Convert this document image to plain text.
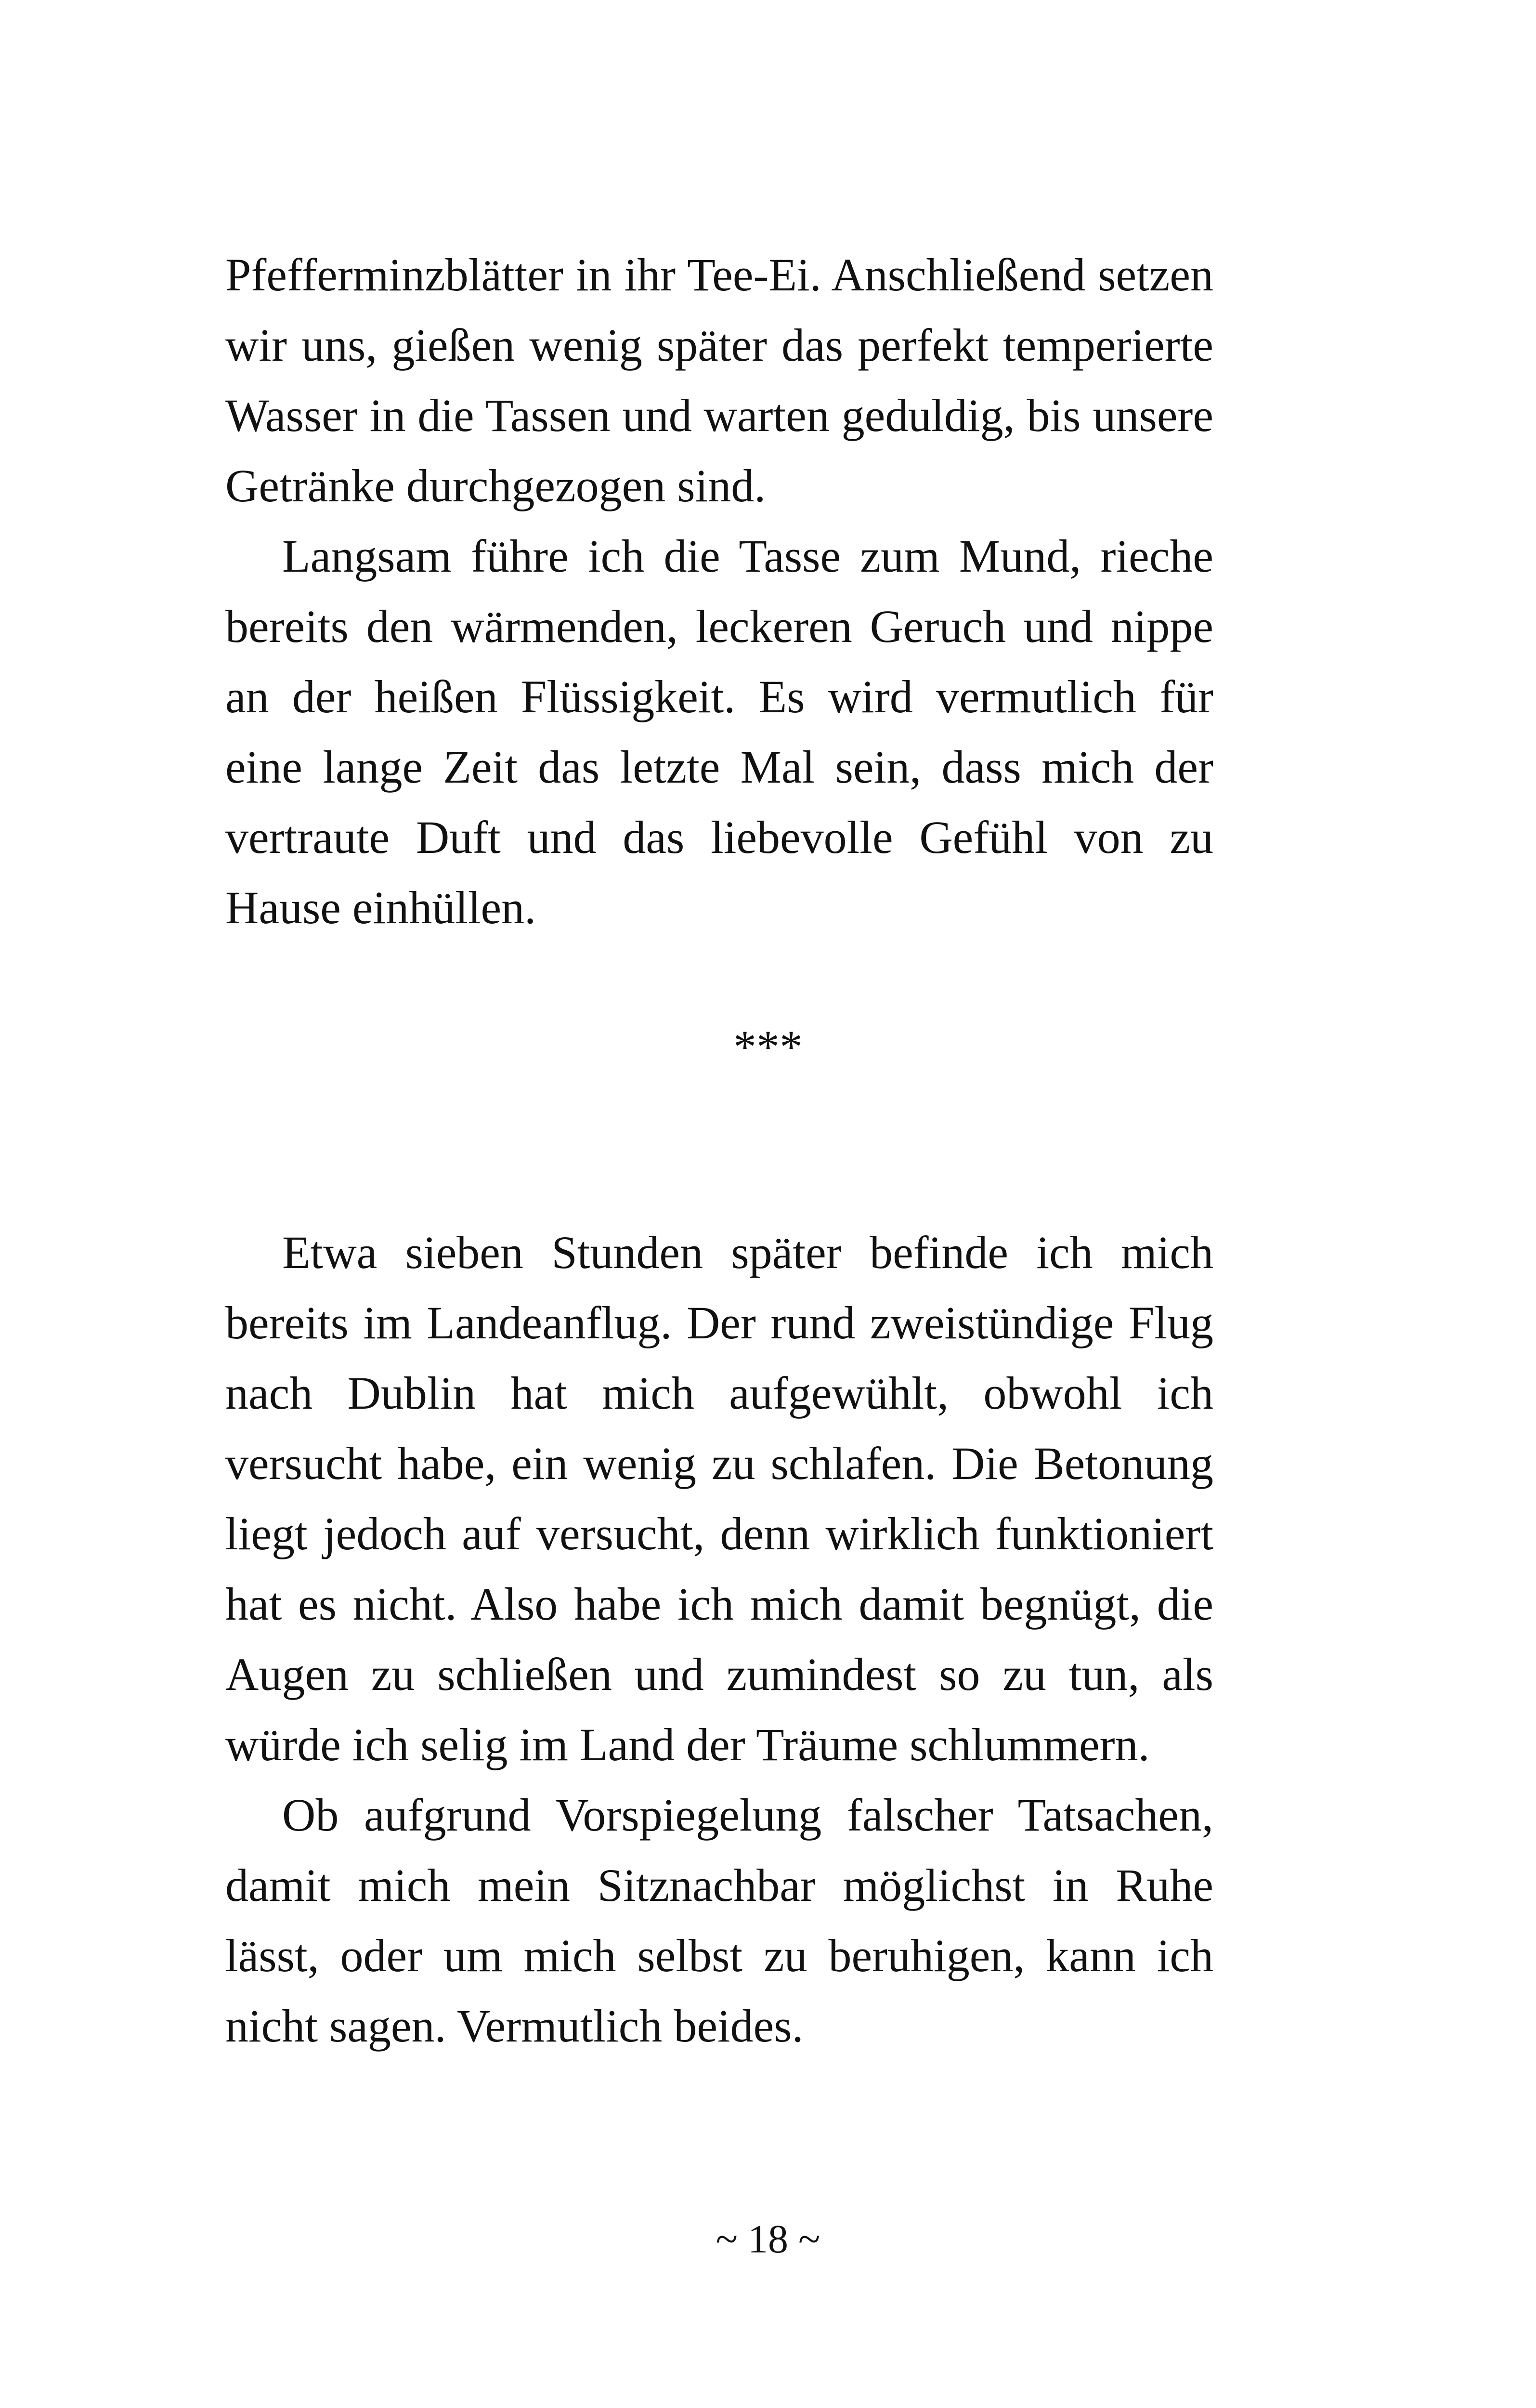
Pfefferminzblätter in ihr Tee-Ei. Anschließend setzen wir uns, gießen wenig später das perfekt temperierte Wasser in die Tassen und warten geduldig, bis unsere Getränke durchgezogen sind.

Langsam führe ich die Tasse zum Mund, rieche bereits den wärmenden, leckeren Geruch und nippe an der heißen Flüssigkeit. Es wird vermutlich für eine lange Zeit das letzte Mal sein, dass mich der vertraute Duft und das liebevolle Gefühl von zu Hause einhüllen.

***

Etwa sieben Stunden später befinde ich mich bereits im Landeanflug. Der rund zweistündige Flug nach Dublin hat mich aufgewühlt, obwohl ich versucht habe, ein wenig zu schlafen. Die Betonung liegt jedoch auf versucht, denn wirklich funktioniert hat es nicht. Also habe ich mich damit begnügt, die Augen zu schließen und zumindest so zu tun, als würde ich selig im Land der Träume schlummern.

Ob aufgrund Vorspiegelung falscher Tatsachen, damit mich mein Sitznachbar möglichst in Ruhe lässt, oder um mich selbst zu beruhigen, kann ich nicht sagen. Vermutlich beides.

~ 18 ~
